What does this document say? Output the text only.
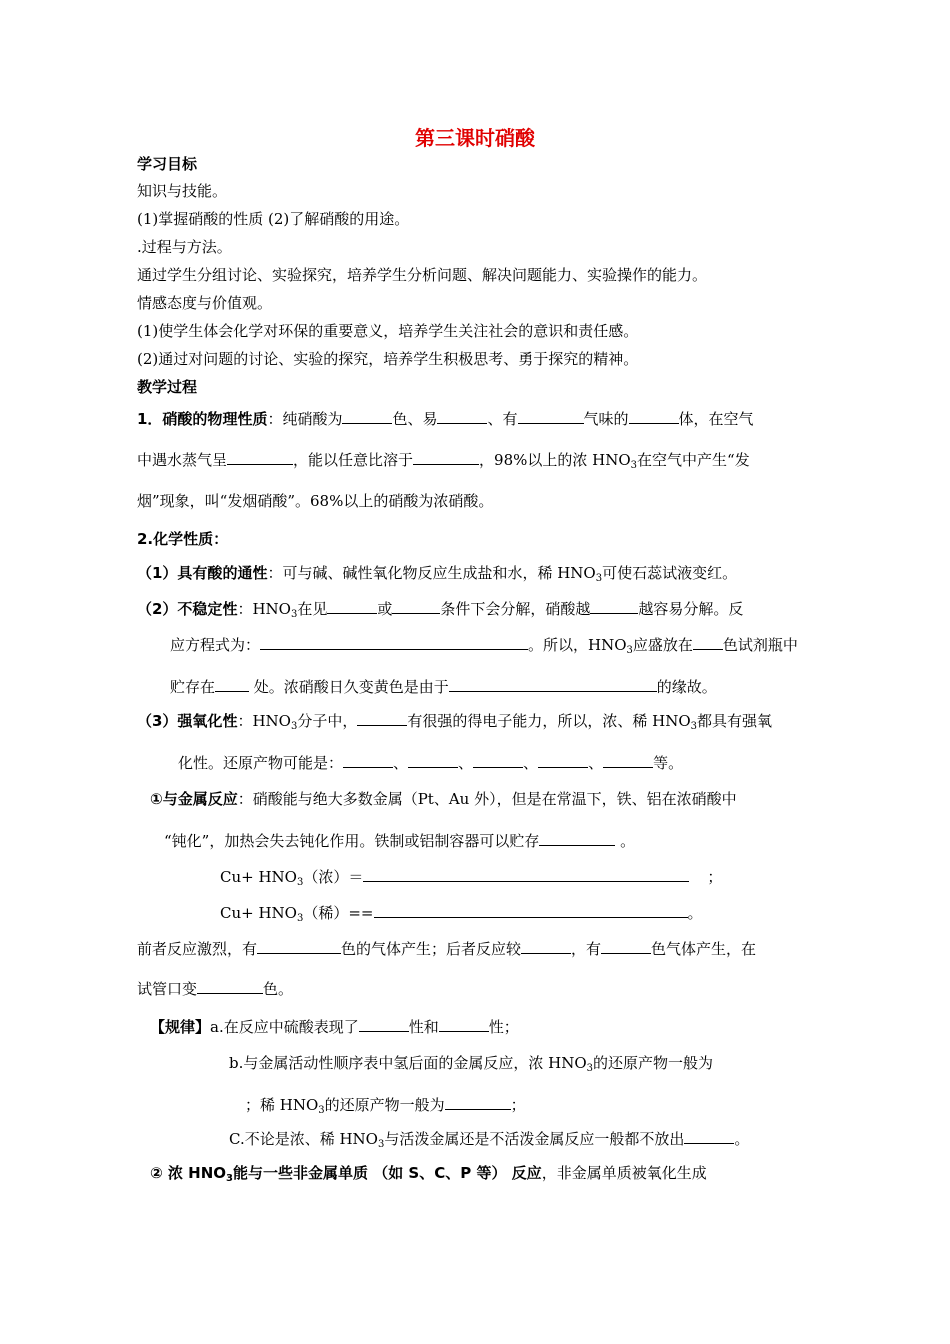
第三课时硝酸
学习目标
知识与技能。
(1)掌握硝酸的性质 (2)了解硝酸的用途。
.过程与方法。
通过学生分组讨论、实验探究，培养学生分析问题、解决问题能力、实验操作的能力。
情感态度与价值观。
(1)使学生体会化学对环保的重要意义，培养学生关注社会的意识和责任感。
(2)通过对问题的讨论、实验的探究，培养学生积极思考、勇于探究的精神。
教学过程
1．硝酸的物理性质：纯硝酸为	色、易	、有	气味的	体，在空气
中遇水蒸气呈	，能以任意比溶于	，98%以上的浓 $HNO_3$在空气中产生“发
烟”现象，叫“发烟硝酸”。68%以上的硝酸为浓硝酸。
2.化学性质：
（1）具有酸的通性：可与碱、碱性氧化物反应生成盐和水，稀 $HNO_3$可使石蕊试液变红。
（2）不稳定性：$HNO_3$在见	或	条件下会分解，硝酸越	越容易分解。反
应方程式为：	。所以，$HNO_3$应盛放在 色试剂瓶中
贮存在 处。浓硝酸日久变黄色是由于	的缘故。
（3）强氧化性：$HNO_3$分子中，	有很强的得电子能力，所以，浓、稀 $HNO_3$都具有强氧
化性。还原产物可能是：	、	、	、	、	等。
①与金属反应：硝酸能与绝大多数金属（Pt、Au 外），但是在常温下，铁、铝在浓硝酸中
“钝化”，加热会失去钝化作用。铁制或铝制容器可以贮存	。
$Cu+ HNO_3$（浓）＝	；
$Cu+ HNO_3$（稀）==	。
前者反应激烈，有	色的气体产生；后者反应较	，有	色气体产生，在
试管口变	色。
【规律】a.在反应中硫酸表现了	性和	性；
b.与金属活动性顺序表中氢后面的金属反应，浓 $HNO_3$的还原产物一般为
；稀 $HNO_3$的还原产物一般为	；
C.不论是浓、稀 $HNO_3$与活泼金属还是不活泼金属反应一般都不放出	。
② 浓 $HNO_3$能与一些非金属单质 （如 S、C、P 等） 反应，非金属单质被氧化生成
